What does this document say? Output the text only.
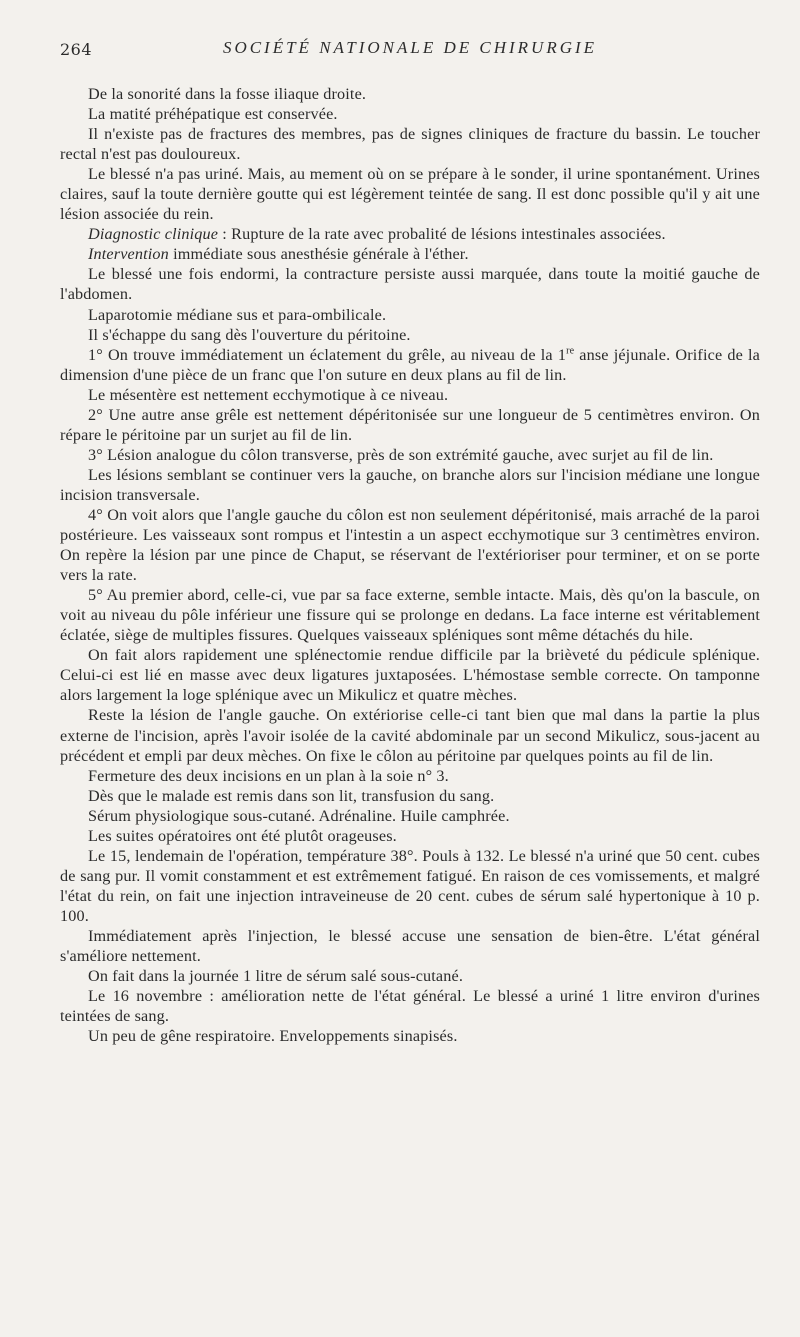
264	SOCIÉTÉ NATIONALE DE CHIRURGIE

De la sonorité dans la fosse iliaque droite.

La matité préhépatique est conservée.

Il n'existe pas de fractures des membres, pas de signes cliniques de fracture du bassin. Le toucher rectal n'est pas douloureux.

Le blessé n'a pas uriné. Mais, au mement où on se prépare à le sonder, il urine spontanément. Urines claires, sauf la toute dernière goutte qui est légèrement teintée de sang. Il est donc possible qu'il y ait une lésion associée du rein.

Diagnostic clinique : Rupture de la rate avec probalité de lésions intestinales associées.

Intervention immédiate sous anesthésie générale à l'éther.

Le blessé une fois endormi, la contracture persiste aussi marquée, dans toute la moitié gauche de l'abdomen.

Laparotomie médiane sus et para-ombilicale.

Il s'échappe du sang dès l'ouverture du péritoine.

1° On trouve immédiatement un éclatement du grêle, au niveau de la 1re anse jéjunale. Orifice de la dimension d'une pièce de un franc que l'on suture en deux plans au fil de lin.

Le mésentère est nettement ecchymotique à ce niveau.

2° Une autre anse grêle est nettement dépéritonisée sur une longueur de 5 centimètres environ. On répare le péritoine par un surjet au fil de lin.

3° Lésion analogue du côlon transverse, près de son extrémité gauche, avec surjet au fil de lin.

Les lésions semblant se continuer vers la gauche, on branche alors sur l'incision médiane une longue incision transversale.

4° On voit alors que l'angle gauche du côlon est non seulement dépéritonisé, mais arraché de la paroi postérieure. Les vaisseaux sont rompus et l'intestin a un aspect ecchymotique sur 3 centimètres environ. On repère la lésion par une pince de Chaput, se réservant de l'extérioriser pour terminer, et on se porte vers la rate.

5° Au premier abord, celle-ci, vue par sa face externe, semble intacte. Mais, dès qu'on la bascule, on voit au niveau du pôle inférieur une fissure qui se prolonge en dedans. La face interne est véritablement éclatée, siège de multiples fissures. Quelques vaisseaux spléniques sont même détachés du hile.

On fait alors rapidement une splénectomie rendue difficile par la brièveté du pédicule splénique. Celui-ci est lié en masse avec deux ligatures juxtaposées. L'hémostase semble correcte. On tamponne alors largement la loge splénique avec un Mikulicz et quatre mèches.

Reste la lésion de l'angle gauche. On extériorise celle-ci tant bien que mal dans la partie la plus externe de l'incision, après l'avoir isolée de la cavité abdominale par un second Mikulicz, sous-jacent au précédent et empli par deux mèches. On fixe le côlon au péritoine par quelques points au fil de lin.

Fermeture des deux incisions en un plan à la soie n° 3.

Dès que le malade est remis dans son lit, transfusion du sang.

Sérum physiologique sous-cutané. Adrénaline. Huile camphrée.

Les suites opératoires ont été plutôt orageuses.

Le 15, lendemain de l'opération, température 38°. Pouls à 132. Le blessé n'a uriné que 50 cent. cubes de sang pur. Il vomit constamment et est extrêmement fatigué. En raison de ces vomissements, et malgré l'état du rein, on fait une injection intraveineuse de 20 cent. cubes de sérum salé hypertonique à 10 p. 100.

Immédiatement après l'injection, le blessé accuse une sensation de bien-être. L'état général s'améliore nettement.

On fait dans la journée 1 litre de sérum salé sous-cutané.

Le 16 novembre : amélioration nette de l'état général. Le blessé a uriné 1 litre environ d'urines teintées de sang.

Un peu de gêne respiratoire. Enveloppements sinapisés.
